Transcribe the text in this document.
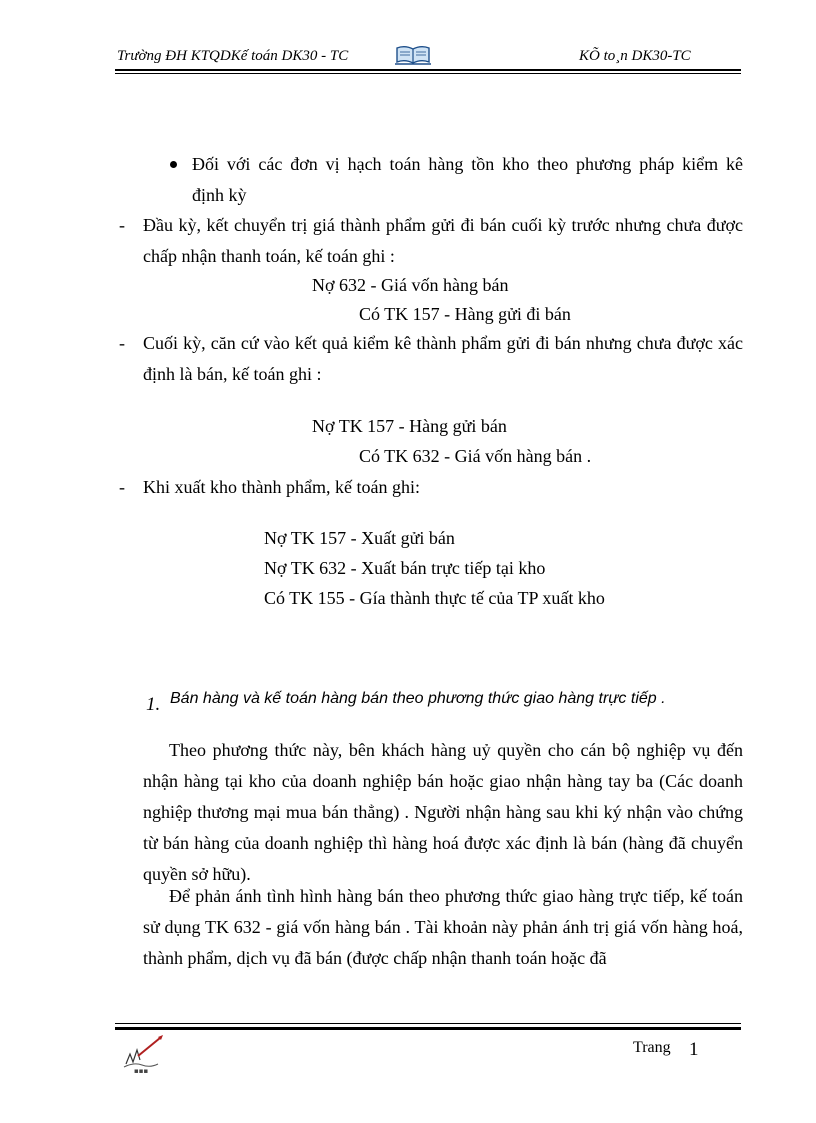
Trường ĐH KTQDKế toán DK30 - TC	KÕ to¸n DK30-TC
Đối với các đơn vị hạch toán hàng tồn kho theo phương pháp kiểm kê
định kỳ
- Đầu kỳ, kết chuyển trị giá thành phẩm gửi đi bán cuối kỳ trước nhưng chưa được chấp nhận thanh toán, kế toán ghi :
Nợ 632 - Giá vốn hàng bán
Có TK 157 - Hàng gửi đi bán
- Cuối kỳ, căn cứ vào kết quả kiểm kê thành phẩm gửi đi bán nhưng chưa được xác định là bán, kế toán ghi :
Nợ TK 157 - Hàng gửi bán
Có TK 632 - Giá vốn hàng bán .
- Khi xuất kho thành phẩm, kế toán ghi:
Nợ TK 157 - Xuất gửi bán
Nợ TK 632 - Xuất bán trực tiếp tại kho
Có TK 155 - Gía thành thực tế của TP xuất kho
1. Bán hàng và kế toán hàng bán theo phương thức giao hàng trực tiếp .
Theo phương thức này, bên khách hàng uỷ quyền cho cán bộ nghiệp vụ đến nhận hàng tại kho của doanh nghiệp bán hoặc giao nhận hàng tay ba (Các doanh nghiệp thương mại mua bán thẳng) . Người nhận hàng sau khi ký nhận vào chứng từ bán hàng của doanh nghiệp thì hàng hoá được xác định là bán (hàng đã chuyển quyền sở hữu).
Để phản ánh tình hình hàng bán theo phương thức giao hàng trực tiếp, kế toán sử dụng TK 632 - giá vốn hàng bán . Tài khoản này phản ánh trị giá vốn hàng hoá, thành phẩm, dịch vụ đã bán (được chấp nhận thanh toán hoặc đã
▪▪▪
Trang 1
